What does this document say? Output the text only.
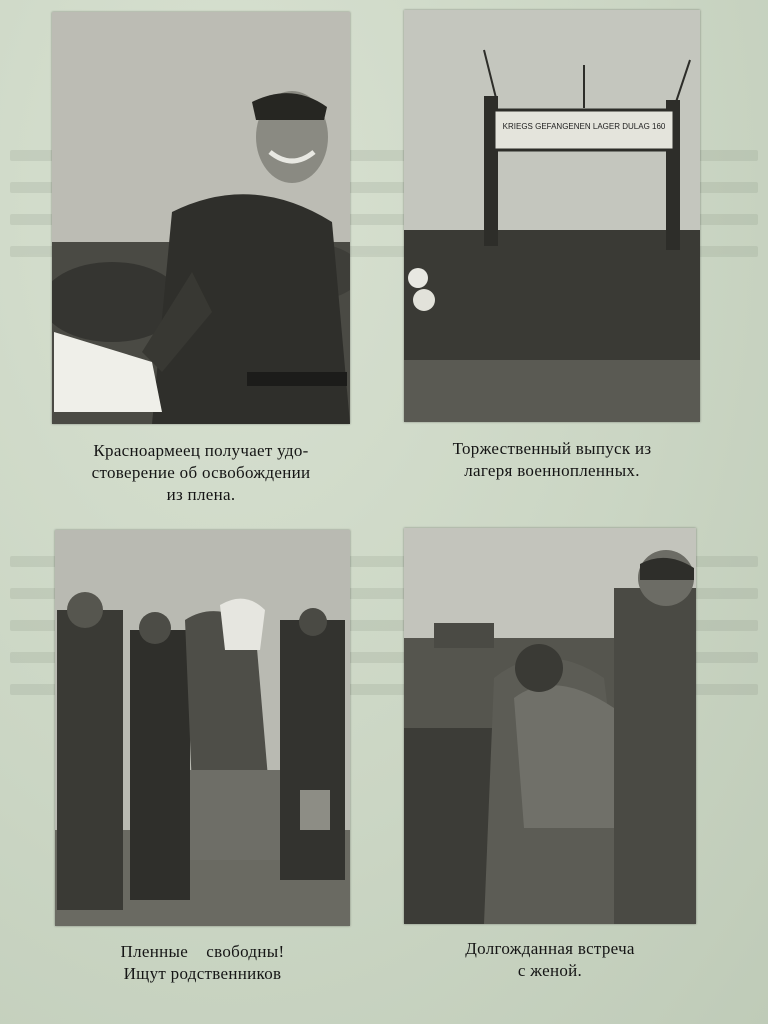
KRIEGS GEFANGENEN LAGER DULAG 160
Красноармеец получает удо-
стоверение об освобождении
из плена.
Торжественный выпуск из
лагеря военнопленных.
Пленные    свободны!
Ищут родственников
Долгожданная встреча
с женой.
